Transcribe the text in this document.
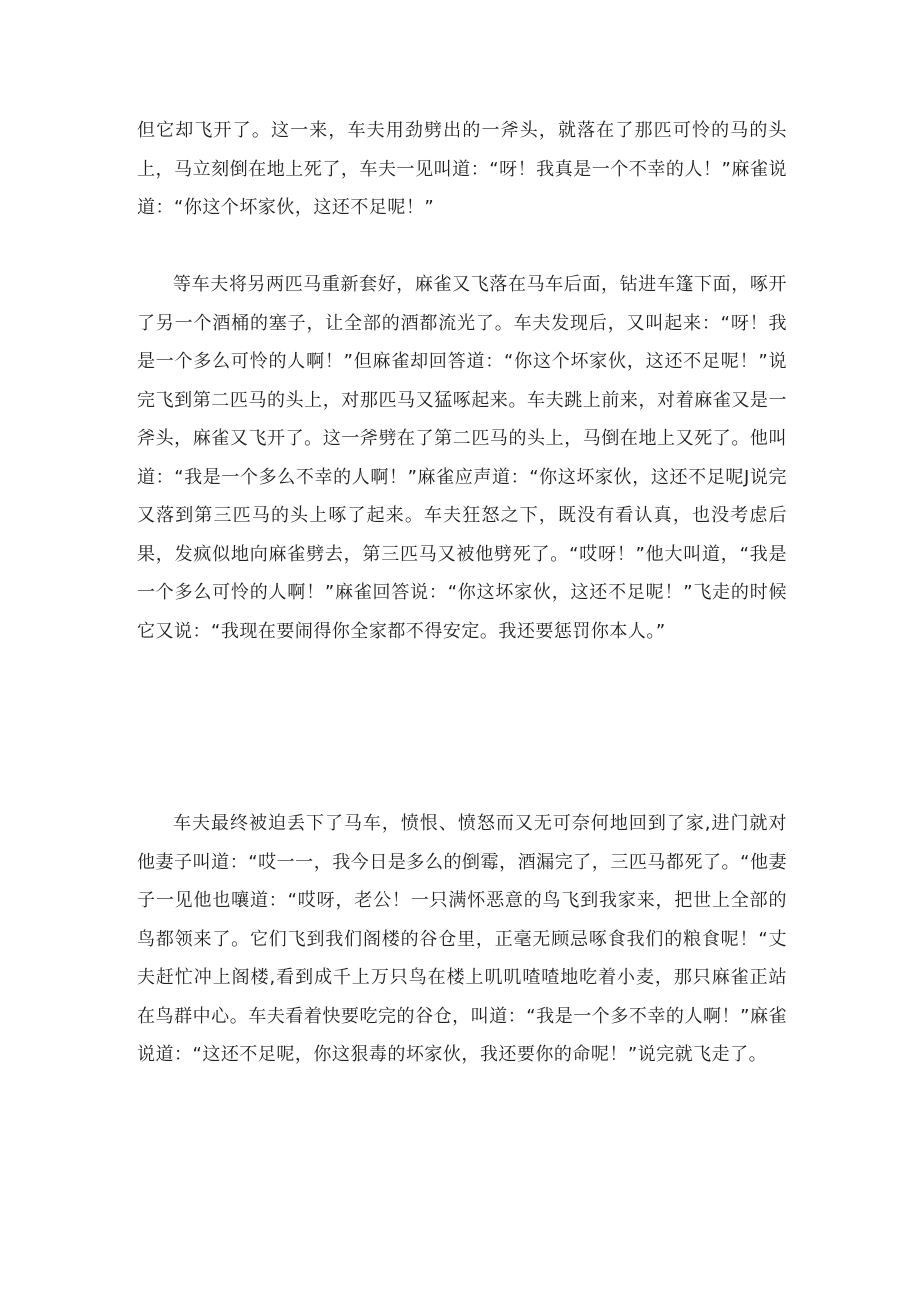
但它却飞开了。这一来，车夫用劲劈出的一斧头，就落在了那匹可怜的马的头上，马立刻倒在地上死了，车夫一见叫道：“呀！我真是一个不幸的人！”麻雀说道：“你这个坏家伙，这还不足呢！”

等车夫将另两匹马重新套好，麻雀又飞落在马车后面，钻进车篷下面，啄开了另一个酒桶的塞子，让全部的酒都流光了。车夫发现后，又叫起来：“呀！我是一个多么可怜的人啊！”但麻雀却回答道：“你这个坏家伙，这还不足呢！”说完飞到第二匹马的头上，对那匹马又猛啄起来。车夫跳上前来，对着麻雀又是一斧头，麻雀又飞开了。这一斧劈在了第二匹马的头上，马倒在地上又死了。他叫道：“我是一个多么不幸的人啊！”麻雀应声道：“你这坏家伙，这还不足呢J说完又落到第三匹马的头上啄了起来。车夫狂怒之下，既没有看认真，也没考虑后果，发疯似地向麻雀劈去，第三匹马又被他劈死了。“哎呀！”他大叫道，“我是一个多么可怜的人啊！”麻雀回答说：“你这坏家伙，这还不足呢！”飞走的时候它又说：“我现在要闹得你全家都不得安定。我还要惩罚你本人。”

车夫最终被迫丢下了马车，愤恨、愤怒而又无可奈何地回到了家,进门就对他妻子叫道：“哎一一，我今日是多么的倒霉，酒漏完了，三匹马都死了。“他妻子一见他也嚷道：“哎呀，老公！一只满怀恶意的鸟飞到我家来，把世上全部的鸟都领来了。它们飞到我们阁楼的谷仓里，正毫无顾忌啄食我们的粮食呢！“丈夫赶忙冲上阁楼,看到成千上万只鸟在楼上叽叽喳喳地吃着小麦，那只麻雀正站在鸟群中心。车夫看着快要吃完的谷仓，叫道：“我是一个多不幸的人啊！”麻雀说道：“这还不足呢，你这狠毒的坏家伙，我还要你的命呢！”说完就飞走了。
